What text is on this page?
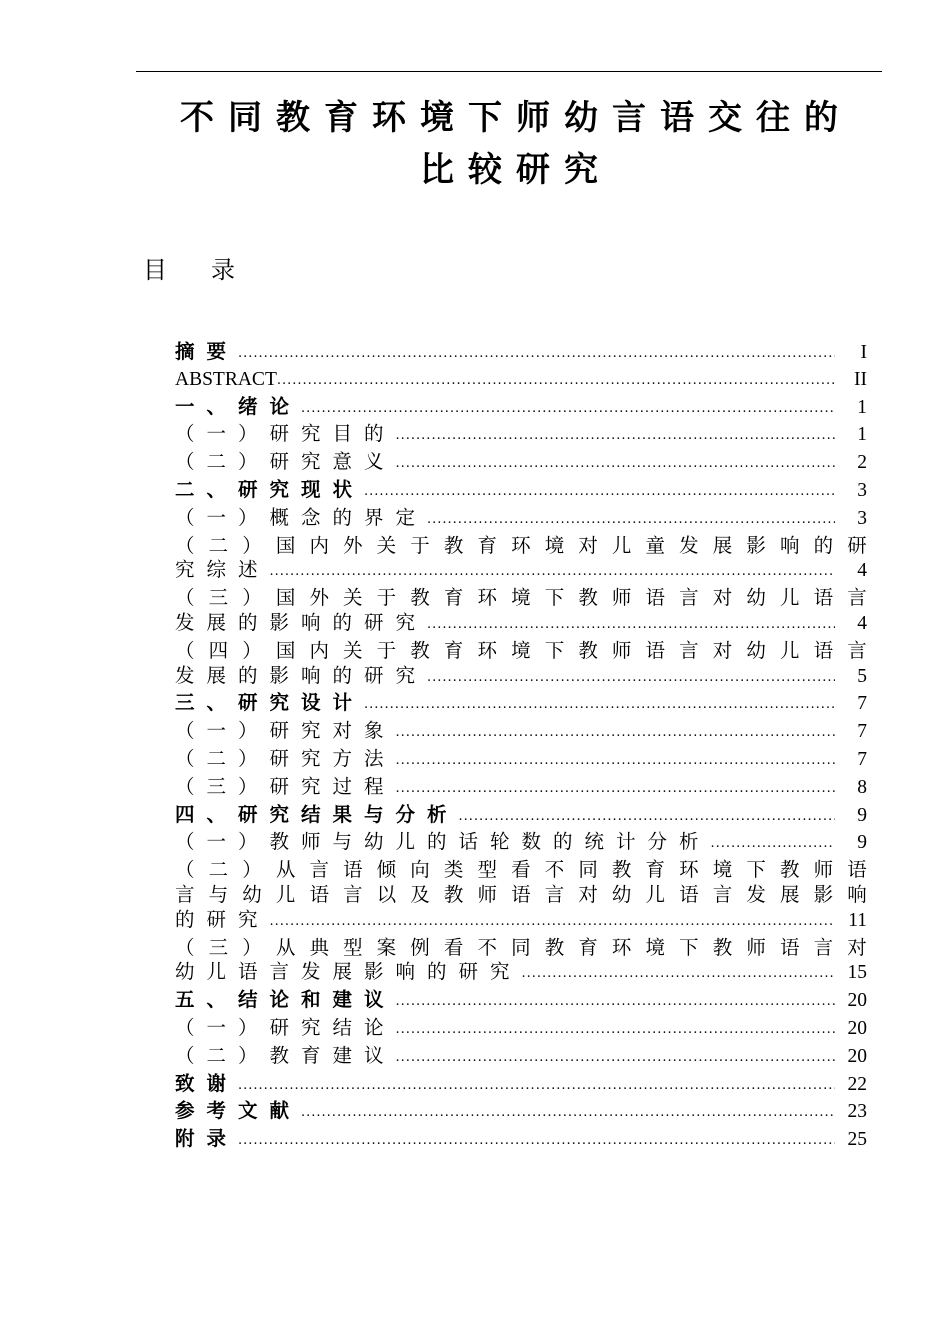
不同教育环境下师幼言语交往的
比较研究
目 录
摘要 .....	I
ABSTRACT .....	II
一、绪论 .....	1
（一）研究目的 .....	1
（二）研究意义 .....	2
二、研究现状 .....	3
（一）概念的界定 .....	3
（ 二 ） 国 内 外 关 于 教 育 环 境 对 儿 童 发 展 影 响 的 研
究综述 .....	4
（ 三 ） 国 外 关 于 教 育 环 境 下 教 师 语 言 对 幼 儿 语 言
发展的影响的研究 .....	4
（ 四 ） 国 内 关 于 教 育 环 境 下 教 师 语 言 对 幼 儿 语 言
发展的影响的研究 .....	5
三、研究设计 .....	7
（一）研究对象 .....	7
（二）研究方法 .....	7
（三）研究过程 .....	8
四、研究结果与分析 .....	9
（一）教师与幼儿的话轮数的统计分析 .....	9
（ 二 ） 从 言 语 倾 向 类 型 看 不 同 教 育 环 境 下 教 师 语
言 与 幼 儿 语 言 以 及 教 师 语 言 对 幼 儿 语 言 发 展 影 响
的研究 .....	11
（ 三 ） 从 典 型 案 例 看 不 同 教 育 环 境 下 教 师 语 言 对
幼儿语言发展影响的研究 .....	15
五、结论和建议 .....	20
（一）研究结论 .....	20
（二）教育建议 .....	20
致谢 .....	22
参考文献 .....	23
附录 .....	25
